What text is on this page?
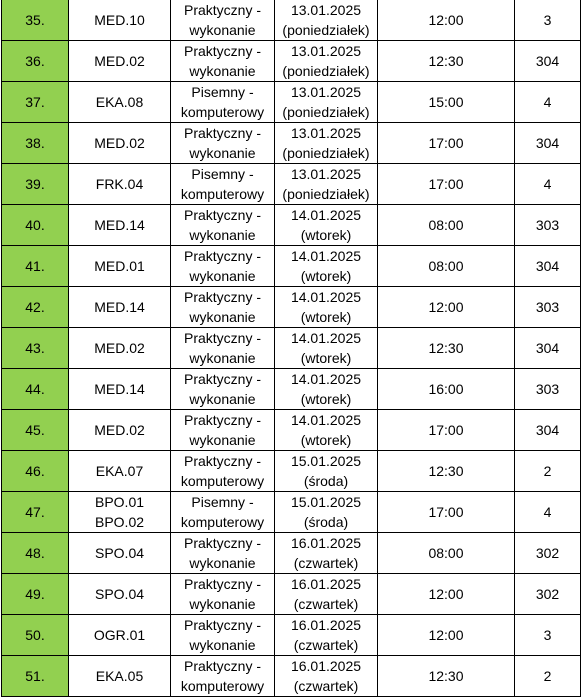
35.	MED.10	Praktyczny -
wykonanie	13.01.2025
(poniedziałek)	12:00	3
36.	MED.02	Praktyczny -
wykonanie	13.01.2025
(poniedziałek)	12:30	304
37.	EKA.08	Pisemny -
komputerowy	13.01.2025
(poniedziałek)	15:00	4
38.	MED.02	Praktyczny -
wykonanie	13.01.2025
(poniedziałek)	17:00	304
39.	FRK.04	Pisemny -
komputerowy	13.01.2025
(poniedziałek)	17:00	4
40.	MED.14	Praktyczny -
wykonanie	14.01.2025
(wtorek)	08:00	303
41.	MED.01	Praktyczny -
wykonanie	14.01.2025
(wtorek)	08:00	304
42.	MED.14	Praktyczny -
wykonanie	14.01.2025
(wtorek)	12:00	303
43.	MED.02	Praktyczny -
wykonanie	14.01.2025
(wtorek)	12:30	304
44.	MED.14	Praktyczny -
wykonanie	14.01.2025
(wtorek)	16:00	303
45.	MED.02	Praktyczny -
wykonanie	14.01.2025
(wtorek)	17:00	304
46.	EKA.07	Praktyczny -
komputerowy	15.01.2025
(środa)	12:30	2
47.	BPO.01
BPO.02	Pisemny -
komputerowy	15.01.2025
(środa)	17:00	4
48.	SPO.04	Praktyczny -
wykonanie	16.01.2025
(czwartek)	08:00	302
49.	SPO.04	Praktyczny -
wykonanie	16.01.2025
(czwartek)	12:00	302
50.	OGR.01	Praktyczny -
wykonanie	16.01.2025
(czwartek)	12:00	3
51.	EKA.05	Praktyczny -
komputerowy	16.01.2025
(czwartek)	12:30	2
